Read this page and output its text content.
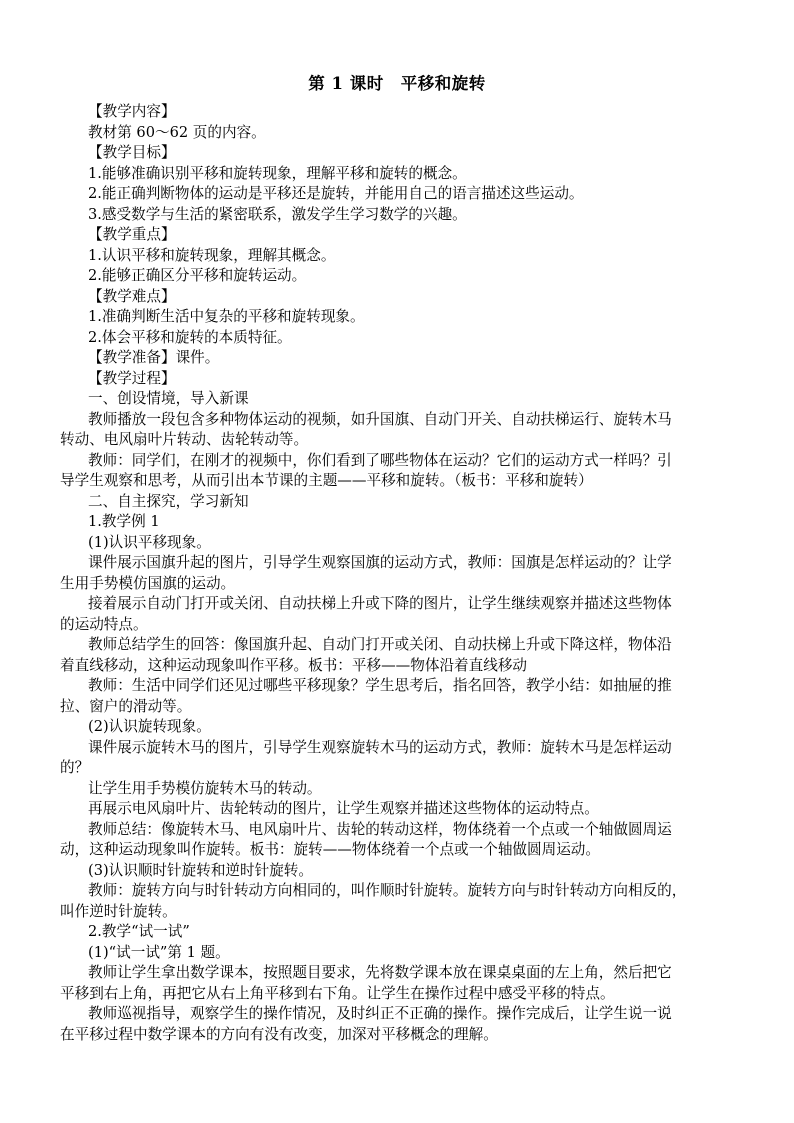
第 1 课时　平移和旋转
【教学内容】
教材第 60～62 页的内容。
【教学目标】
1.能够准确识别平移和旋转现象，理解平移和旋转的概念。
2.能正确判断物体的运动是平移还是旋转，并能用自己的语言描述这些运动。
3.感受数学与生活的紧密联系，激发学生学习数学的兴趣。
【教学重点】
1.认识平移和旋转现象，理解其概念。
2.能够正确区分平移和旋转运动。
【教学难点】
1.准确判断生活中复杂的平移和旋转现象。
2.体会平移和旋转的本质特征。
【教学准备】课件。
【教学过程】
一、创设情境，导入新课
教师播放一段包含多种物体运动的视频，如升国旗、自动门开关、自动扶梯运行、旋转木马
转动、电风扇叶片转动、齿轮转动等。
教师：同学们，在刚才的视频中，你们看到了哪些物体在运动？它们的运动方式一样吗？引
导学生观察和思考，从而引出本节课的主题——平移和旋转。（板书：平移和旋转）
二、自主探究，学习新知
1.教学例 1
(1)认识平移现象。
课件展示国旗升起的图片，引导学生观察国旗的运动方式，教师：国旗是怎样运动的？让学
生用手势模仿国旗的运动。
接着展示自动门打开或关闭、自动扶梯上升或下降的图片，让学生继续观察并描述这些物体
的运动特点。
教师总结学生的回答：像国旗升起、自动门打开或关闭、自动扶梯上升或下降这样，物体沿
着直线移动，这种运动现象叫作平移。板书：平移——物体沿着直线移动
教师：生活中同学们还见过哪些平移现象？学生思考后，指名回答，教学小结：如抽屉的推
拉、窗户的滑动等。
(2)认识旋转现象。
课件展示旋转木马的图片，引导学生观察旋转木马的运动方式，教师：旋转木马是怎样运动
的？
让学生用手势模仿旋转木马的转动。
再展示电风扇叶片、齿轮转动的图片，让学生观察并描述这些物体的运动特点。
教师总结：像旋转木马、电风扇叶片、齿轮的转动这样，物体绕着一个点或一个轴做圆周运
动，这种运动现象叫作旋转。板书：旋转——物体绕着一个点或一个轴做圆周运动。
(3)认识顺时针旋转和逆时针旋转。
教师：旋转方向与时针转动方向相同的，叫作顺时针旋转。旋转方向与时针转动方向相反的，
叫作逆时针旋转。
2.教学“试一试”
(1)“试一试”第 1 题。
教师让学生拿出数学课本，按照题目要求，先将数学课本放在课桌桌面的左上角，然后把它
平移到右上角，再把它从右上角平移到右下角。让学生在操作过程中感受平移的特点。
教师巡视指导，观察学生的操作情况，及时纠正不正确的操作。操作完成后，让学生说一说
在平移过程中数学课本的方向有没有改变，加深对平移概念的理解。
